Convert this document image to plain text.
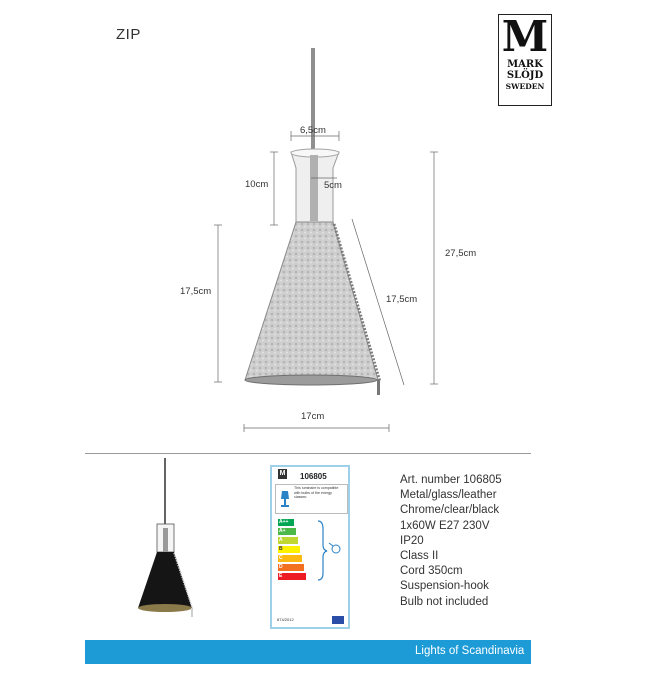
ZIP	M
MARK
SLÖJD
SWEDEN
6,5cm
10cm	5cm
27,5cm
17,5cm
17,5cm
17cm
M 106805
This luminaire is compatible with bulbs of the energy classes:
A++
A+
A
B
C
D
E
874/2012
Art. number 106805
Metal/glass/leather
Chrome/clear/black
1x60W E27 230V
IP20
Class II
Cord 350cm
Suspension-hook
Bulb not included
Lights of Scandinavia
